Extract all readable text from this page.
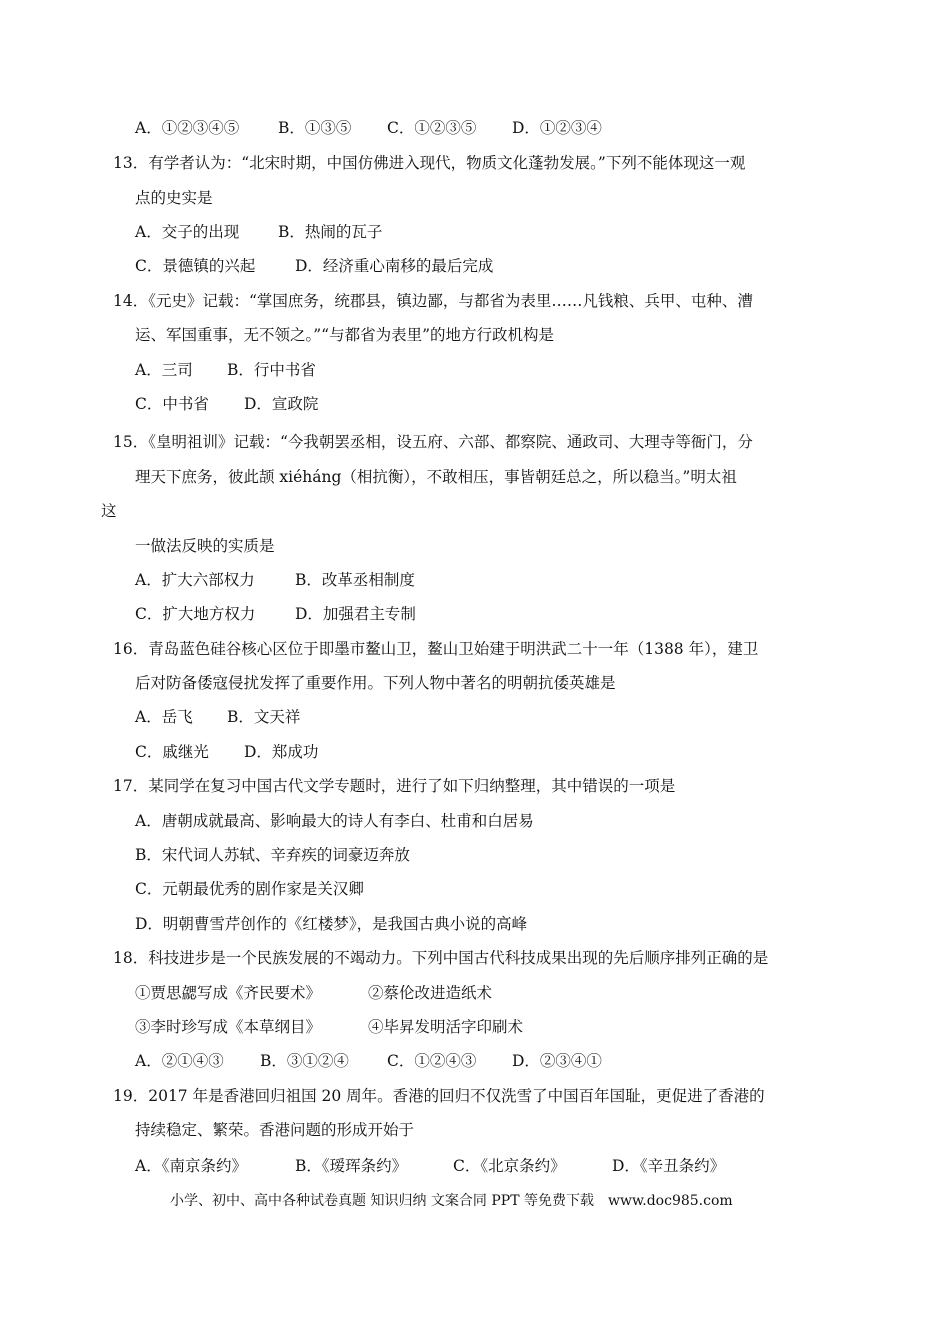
A．①②③④⑤	B．①③⑤ C．①②③⑤ D．①②③④
13．有学者认为：“北宋时期，中国仿佛进入现代，物质文化蓬勃发展。”下列不能体现这一观
点的史实是
A．交子的出现	B．热闹的瓦子
C．景德镇的兴起	D．经济重心南移的最后完成
14．《元史》记载：“掌国庶务，统郡县，镇边鄙，与都省为表里……凡钱粮、兵甲、屯种、漕
运、军国重事，无不领之。”“与都省为表里”的地方行政机构是
A．三司 B．行中书省
C．中书省 D．宣政院
15．《皇明祖训》记载：“今我朝罢丞相，设五府、六部、都察院、通政司、大理寺等衙门，分
理天下庶务，彼此颉 xiéháng（相抗衡），不敢相压，事皆朝廷总之，所以稳当。”明太祖
这
一做法反映的实质是
A．扩大六部权力	B．改革丞相制度
C．扩大地方权力	D．加强君主专制
16．青岛蓝色硅谷核心区位于即墨市鳌山卫，鳌山卫始建于明洪武二十一年（1388 年），建卫
后对防备倭寇侵扰发挥了重要作用。下列人物中著名的明朝抗倭英雄是
A．岳飞 B．文天祥
C．戚继光 D．郑成功
17．某同学在复习中国古代文学专题时，进行了如下归纳整理，其中错误的一项是
A．唐朝成就最高、影响最大的诗人有李白、杜甫和白居易
B．宋代词人苏轼、辛弃疾的词豪迈奔放
C．元朝最优秀的剧作家是关汉卿
D．明朝曹雪芹创作的《红楼梦》，是我国古典小说的高峰
18．科技进步是一个民族发展的不竭动力。下列中国古代科技成果出现的先后顺序排列正确的是
①贾思勰写成《齐民要术》	②蔡伦改进造纸术
③李时珍写成《本草纲目》	④毕昇发明活字印刷术
A．②①④③ B．③①②④ C．①②④③ D．②③④①
19．2017 年是香港回归祖国 20 周年。香港的回归不仅洗雪了中国百年国耻，更促进了香港的
持续稳定、繁荣。香港问题的形成开始于
A．《南京条约》	B．《瑷珲条约》	C．《北京条约》	D．《辛丑条约》
小学、初中、高中各种试卷真题 知识归纳 文案合同 PPT 等免费下载　www.doc985.com
